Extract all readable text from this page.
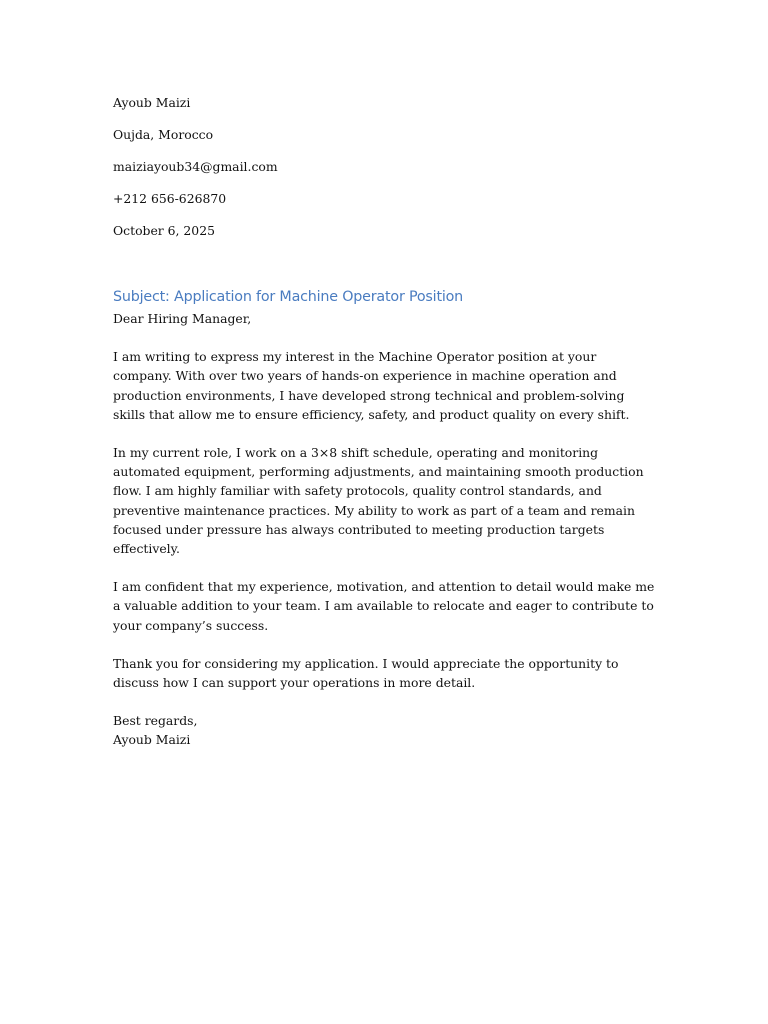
Ayoub Maizi
Oujda, Morocco
maiziayoub34@gmail.com
+212 656-626870
October 6, 2025
Subject: Application for Machine Operator Position
Dear Hiring Manager,

I am writing to express my interest in the Machine Operator position at your company. With over two years of hands-on experience in machine operation and production environments, I have developed strong technical and problem-solving skills that allow me to ensure efficiency, safety, and product quality on every shift.

In my current role, I work on a 3×8 shift schedule, operating and monitoring automated equipment, performing adjustments, and maintaining smooth production flow. I am highly familiar with safety protocols, quality control standards, and preventive maintenance practices. My ability to work as part of a team and remain focused under pressure has always contributed to meeting production targets effectively.

I am confident that my experience, motivation, and attention to detail would make me a valuable addition to your team. I am available to relocate and eager to contribute to your company’s success.

Thank you for considering my application. I would appreciate the opportunity to discuss how I can support your operations in more detail.

Best regards,
Ayoub Maizi
